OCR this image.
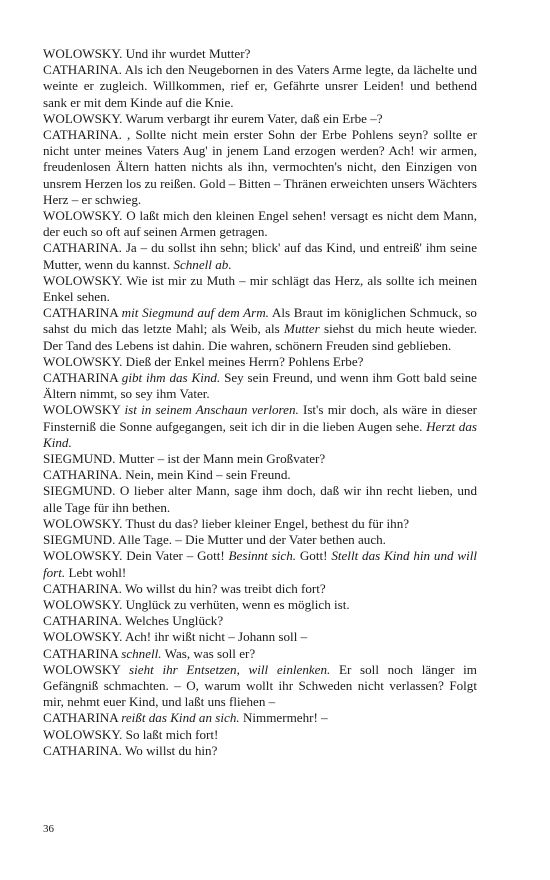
WOLOWSKY. Und ihr wurdet Mutter?

CATHARINA. Als ich den Neugebornen in des Vaters Arme legte, da lächelte und weinte er zugleich. Willkommen, rief er, Gefährte unsrer Leiden! und bethend sank er mit dem Kinde auf die Knie.

WOLOWSKY. Warum verbargt ihr eurem Vater, daß ein Erbe –?

CATHARINA. , Sollte nicht mein erster Sohn der Erbe Pohlens seyn? sollte er nicht unter meines Vaters Aug' in jenem Land erzogen werden? Ach! wir armen, freudenlosen Ältern hatten nichts als ihn, vermochten's nicht, den Einzigen von unsrem Herzen los zu reißen. Gold – Bitten – Thränen erweichten unsers Wächters Herz – er schwieg.

WOLOWSKY. O laßt mich den kleinen Engel sehen! versagt es nicht dem Mann, der euch so oft auf seinen Armen getragen.

CATHARINA. Ja – du sollst ihn sehn; blick' auf das Kind, und entreiß' ihm seine Mutter, wenn du kannst. Schnell ab.

WOLOWSKY. Wie ist mir zu Muth – mir schlägt das Herz, als sollte ich meinen Enkel sehen.

CATHARINA mit Siegmund auf dem Arm. Als Braut im königlichen Schmuck, so sahst du mich das letzte Mahl; als Weib, als Mutter siehst du mich heute wieder. Der Tand des Lebens ist dahin. Die wahren, schönern Freuden sind geblieben.

WOLOWSKY. Dieß der Enkel meines Herrn? Pohlens Erbe?

CATHARINA gibt ihm das Kind. Sey sein Freund, und wenn ihm Gott bald seine Ältern nimmt, so sey ihm Vater.

WOLOWSKY ist in seinem Anschaun verloren. Ist's mir doch, als wäre in dieser Finsterniß die Sonne aufgegangen, seit ich dir in die lieben Augen sehe. Herzt das Kind.

SIEGMUND. Mutter – ist der Mann mein Großvater?

CATHARINA. Nein, mein Kind – sein Freund.

SIEGMUND. O lieber alter Mann, sage ihm doch, daß wir ihn recht lieben, und alle Tage für ihn bethen.

WOLOWSKY. Thust du das? lieber kleiner Engel, bethest du für ihn?

SIEGMUND. Alle Tage. – Die Mutter und der Vater bethen auch.

WOLOWSKY. Dein Vater – Gott! Besinnt sich. Gott! Stellt das Kind hin und will fort. Lebt wohl!

CATHARINA. Wo willst du hin? was treibt dich fort?

WOLOWSKY. Unglück zu verhüten, wenn es möglich ist.

CATHARINA. Welches Unglück?

WOLOWSKY. Ach! ihr wißt nicht – Johann soll –

CATHARINA schnell. Was, was soll er?

WOLOWSKY sieht ihr Entsetzen, will einlenken. Er soll noch länger im Gefängniß schmachten. – O, warum wollt ihr Schweden nicht verlassen? Folgt mir, nehmt euer Kind, und laßt uns fliehen –

CATHARINA reißt das Kind an sich. Nimmermehr! –

WOLOWSKY. So laßt mich fort!

CATHARINA. Wo willst du hin?

36
